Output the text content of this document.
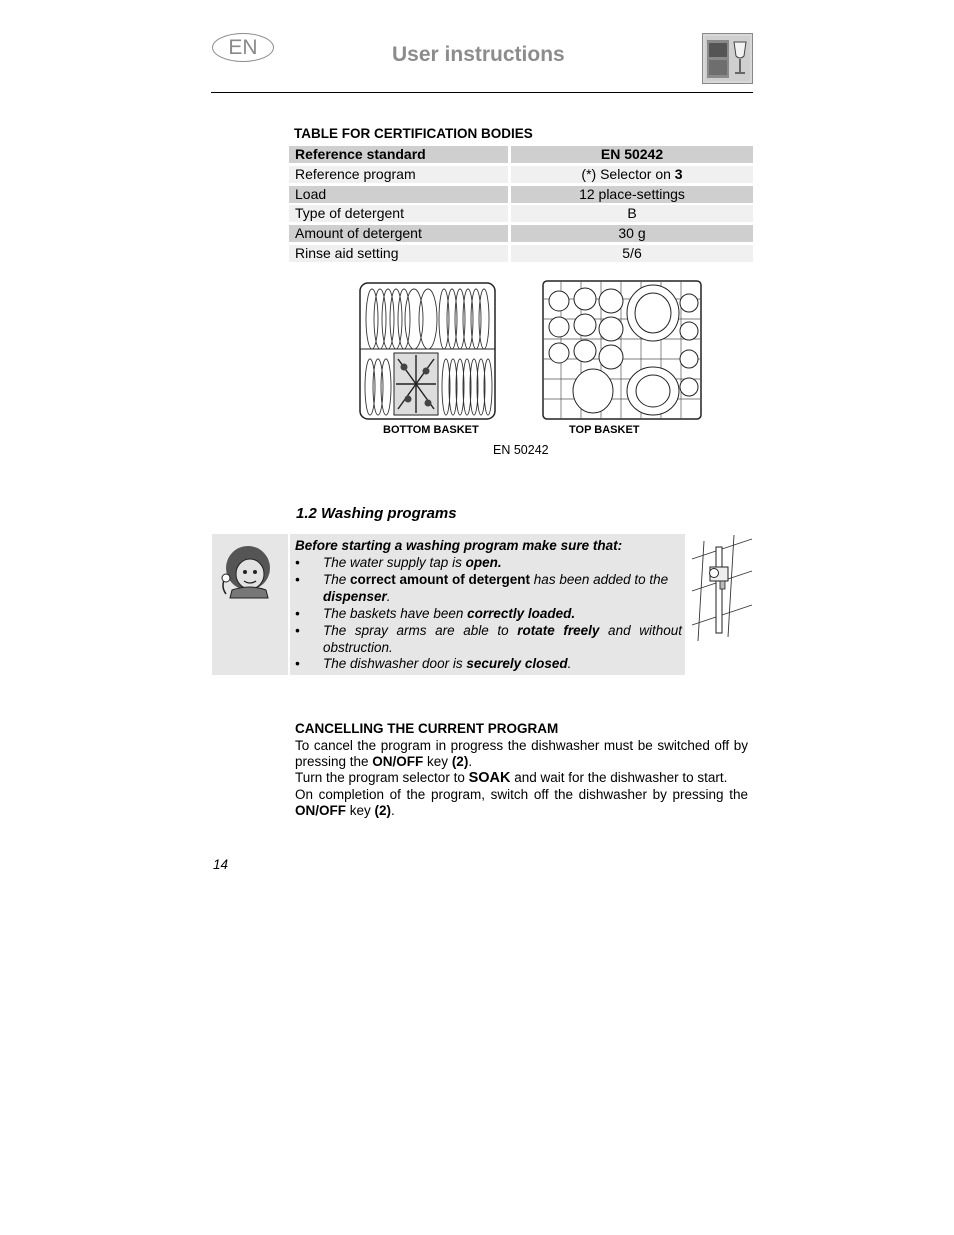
EN	User instructions
TABLE FOR CERTIFICATION BODIES
Reference standard	EN 50242
Reference program	(*) Selector on 3
Load	12 place-settings
Type of detergent	B
Amount of detergent	30 g
Rinse aid setting	5/6
BOTTOM BASKET	TOP BASKET
EN 50242
1.2 Washing programs
Before starting a washing program make sure that:
• The water supply tap is open.
• The correct amount of detergent has been added to the
dispenser.
• The baskets have been correctly loaded.
• The spray arms are able to rotate freely and without
obstruction.
• The dishwasher door is securely closed.
CANCELLING THE CURRENT PROGRAM
To cancel the program in progress the dishwasher must be switched off by pressing the ON/OFF key (2).
Turn the program selector to SOAK and wait for the dishwasher to start.
On completion of the program, switch off the dishwasher by pressing the ON/OFF key (2).
14
